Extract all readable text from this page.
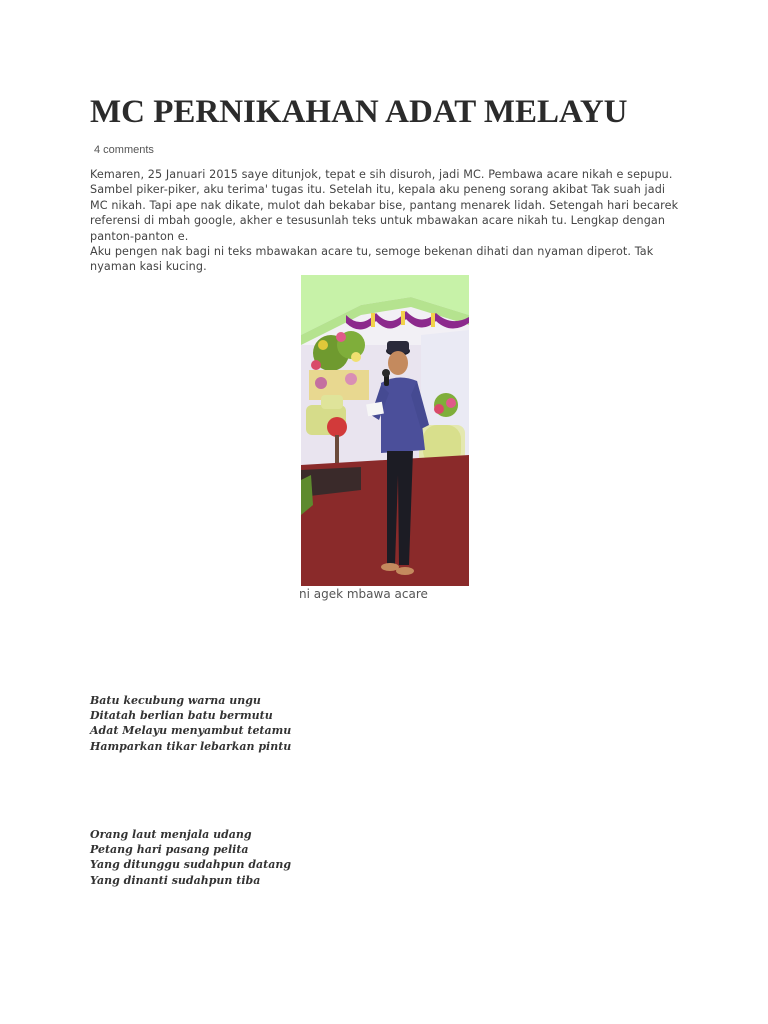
MC PERNIKAHAN ADAT MELAYU
4 comments

Kemaren, 25 Januari 2015 saye ditunjok, tepat e sih disuroh, jadi MC. Pembawa acare nikah e sepupu.
Sambel piker-piker, aku terima' tugas itu. Setelah itu, kepala aku peneng sorang akibat Tak suah jadi
MC nikah. Tapi ape nak dikate, mulot dah bekabar bise, pantang menarek lidah. Setengah hari becarek
referensi di mbah google, akher e tesusunlah teks untuk mbawakan acare nikah tu. Lengkap dengan
panton-panton e.

Aku pengen nak bagi ni teks mbawakan acare tu, semoge bekenan dihati dan nyaman diperot. Tak
nyaman kasi kucing.

ni agek mbawa acare
Batu kecubung warna ungu
Ditatah berlian batu bermutu
Adat Melayu menyambut tetamu
Hamparkan tikar lebarkan pintu
Orang laut menjala udang
Petang hari pasang pelita
Yang ditunggu sudahpun datang
Yang dinanti sudahpun tiba
